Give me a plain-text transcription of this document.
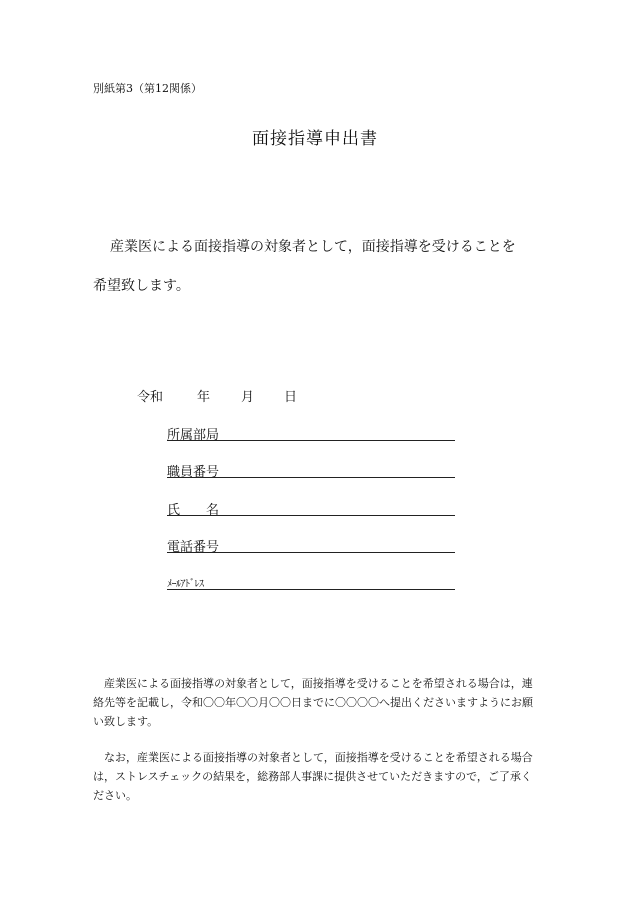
別紙第3（第12関係）
面接指導申出書
産業医による面接指導の対象者として，面接指導を受けることを
希望致します。
令和	年 月 日
所属部局
職員番号
氏　　名
電話番号
ﾒｰﾙｱﾄﾞﾚｽ
産業医による面接指導の対象者として，面接指導を受けることを希望される場合は，連絡先等を記載し，令和〇〇年〇〇月〇〇日までに〇〇〇〇へ提出くださいますようにお願い致します。
なお，産業医による面接指導の対象者として，面接指導を受けることを希望される場合は，ストレスチェックの結果を，総務部人事課に提供させていただきますので，ご了承ください。
